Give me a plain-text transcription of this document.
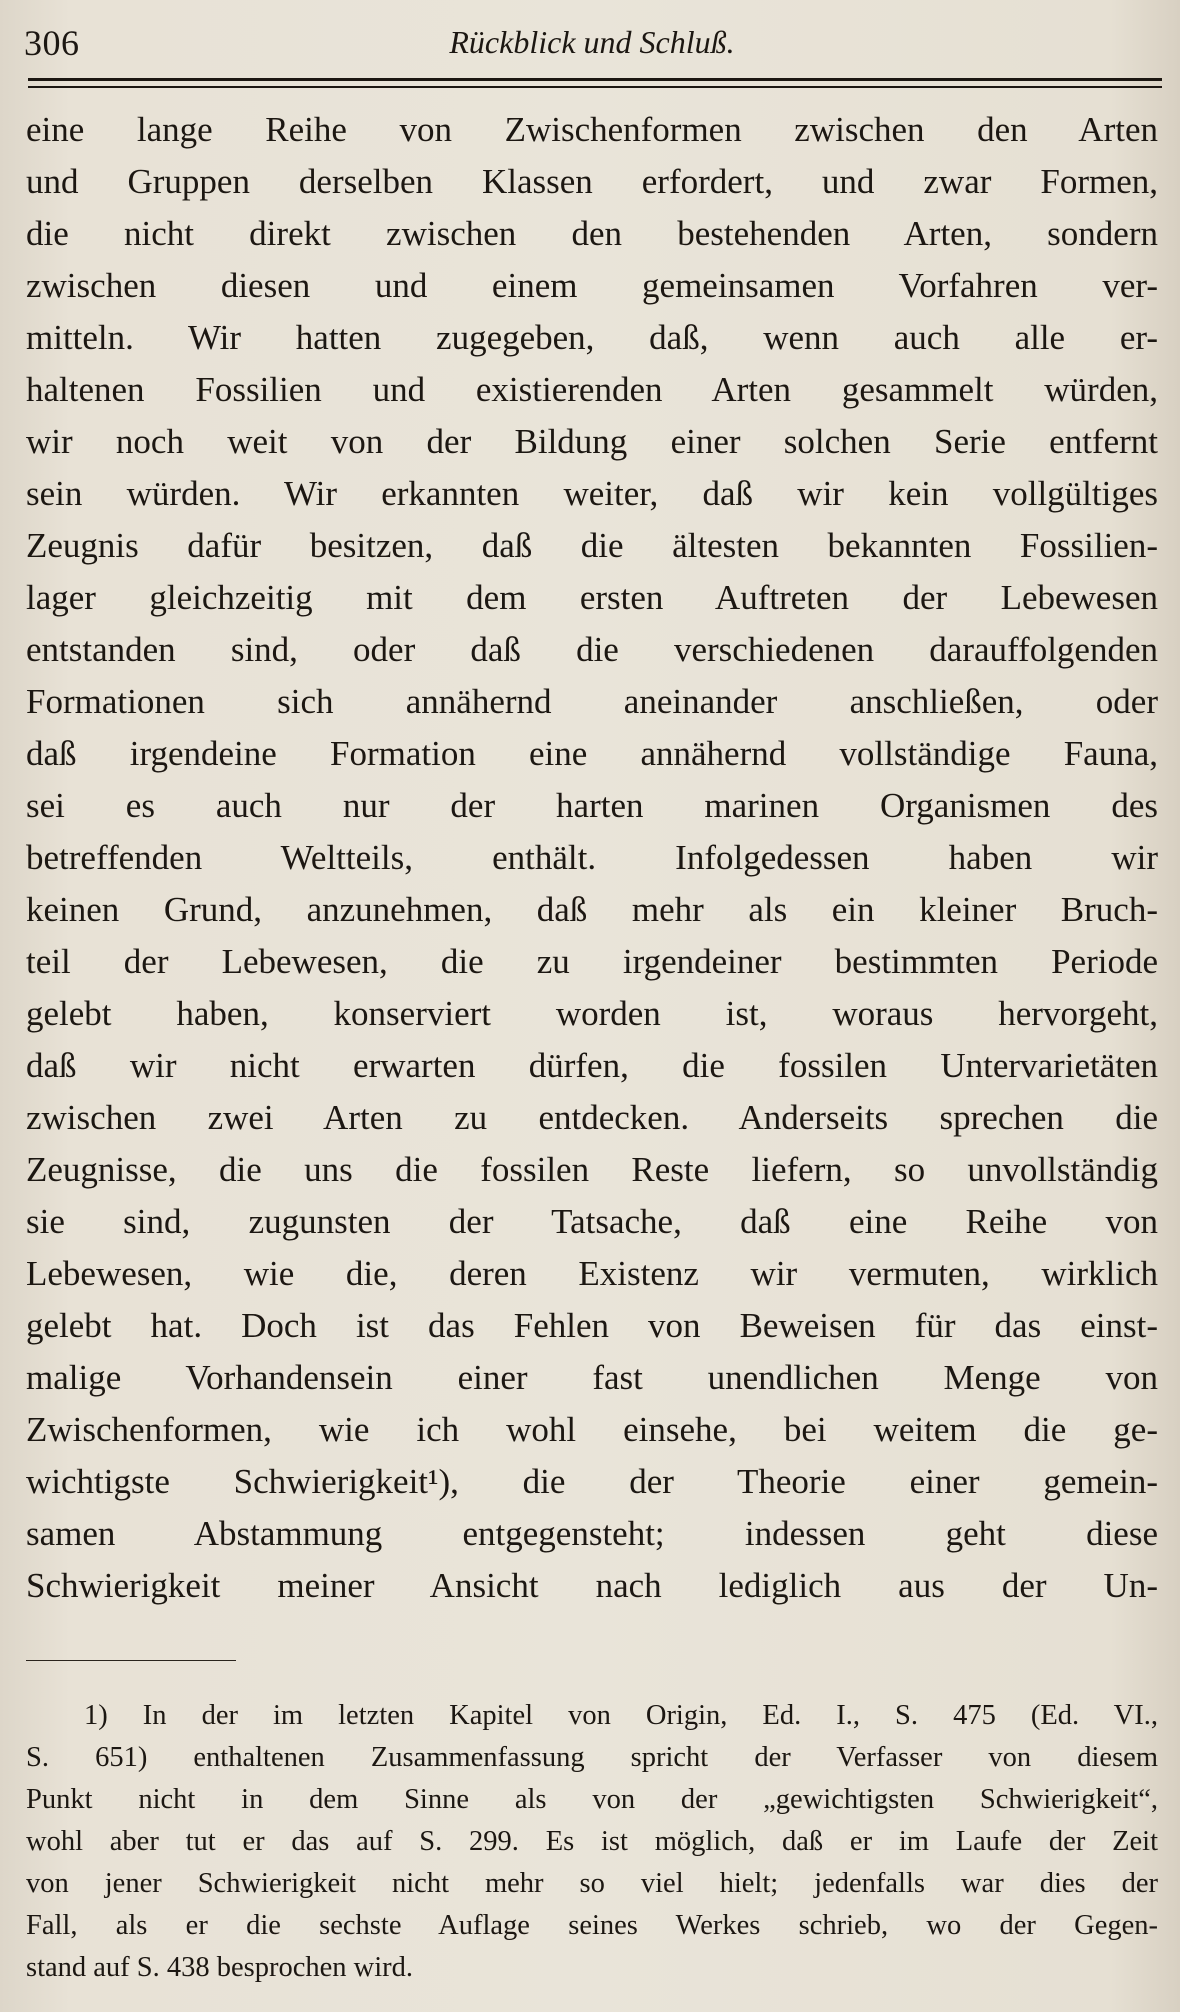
306	Rückblick und Schluß.
eine lange Reihe von Zwischenformen zwischen den Arten
und Gruppen derselben Klassen erfordert, und zwar Formen,
die nicht direkt zwischen den bestehenden Arten, sondern
zwischen diesen und einem gemeinsamen Vorfahren ver-
mitteln. Wir hatten zugegeben, daß, wenn auch alle er-
haltenen Fossilien und existierenden Arten gesammelt würden,
wir noch weit von der Bildung einer solchen Serie entfernt
sein würden. Wir erkannten weiter, daß wir kein vollgültiges
Zeugnis dafür besitzen, daß die ältesten bekannten Fossilien-
lager gleichzeitig mit dem ersten Auftreten der Lebewesen
entstanden sind, oder daß die verschiedenen darauffolgenden
Formationen sich annähernd aneinander anschließen, oder
daß irgendeine Formation eine annähernd vollständige Fauna,
sei es auch nur der harten marinen Organismen des
betreffenden Weltteils, enthält. Infolgedessen haben wir
keinen Grund, anzunehmen, daß mehr als ein kleiner Bruch-
teil der Lebewesen, die zu irgendeiner bestimmten Periode
gelebt haben, konserviert worden ist, woraus hervorgeht,
daß wir nicht erwarten dürfen, die fossilen Untervarietäten
zwischen zwei Arten zu entdecken. Anderseits sprechen die
Zeugnisse, die uns die fossilen Reste liefern, so unvollständig
sie sind, zugunsten der Tatsache, daß eine Reihe von
Lebewesen, wie die, deren Existenz wir vermuten, wirklich
gelebt hat. Doch ist das Fehlen von Beweisen für das einst-
malige Vorhandensein einer fast unendlichen Menge von
Zwischenformen, wie ich wohl einsehe, bei weitem die ge-
wichtigste Schwierigkeit¹), die der Theorie einer gemein-
samen Abstammung entgegensteht; indessen geht diese
Schwierigkeit meiner Ansicht nach lediglich aus der Un-
1) In der im letzten Kapitel von Origin, Ed. I., S. 475 (Ed. VI.,
S. 651) enthaltenen Zusammenfassung spricht der Verfasser von diesem
Punkt nicht in dem Sinne als von der „gewichtigsten Schwierigkeit“,
wohl aber tut er das auf S. 299. Es ist möglich, daß er im Laufe der Zeit
von jener Schwierigkeit nicht mehr so viel hielt; jedenfalls war dies der
Fall, als er die sechste Auflage seines Werkes schrieb, wo der Gegen-
stand auf S. 438 besprochen wird.
